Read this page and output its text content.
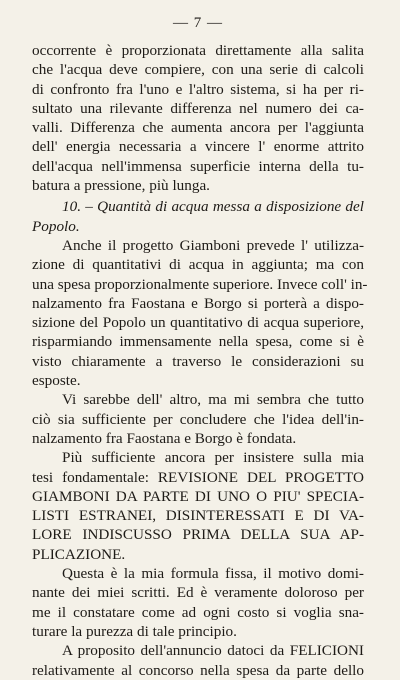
— 7 —

occorrente è proporzionata direttamente alla salita
che l'acqua deve compiere, con una serie di calcoli
di confronto fra l'uno e l'altro sistema, si ha per ri-
sultato una rilevante differenza nel numero dei ca-
valli. Differenza che aumenta ancora per l'aggiunta
dell' energia necessaria a vincere l' enorme attrito
dell'acqua nell'immensa superficie interna della tu-
batura a pressione, più lunga.

10. – Quantità di acqua messa a disposizione del
Popolo.

Anche il progetto Giamboni prevede l' utilizza-
zione di quantitativi di acqua in aggiunta; ma con
una spesa proporzionalmente superiore. Invece coll' in-
nalzamento fra Faostana e Borgo si porterà a dispo-
sizione del Popolo un quantitativo di acqua superiore,
risparmiando immensamente nella spesa, come si è
visto chiaramente a traverso le considerazioni su
esposte.

Vi sarebbe dell' altro, ma mi sembra che tutto
ciò sia sufficiente per concludere che l'idea dell'in-
nalzamento fra Faostana e Borgo è fondata.

Più sufficiente ancora per insistere sulla mia
tesi fondamentale: REVISIONE DEL PROGETTO
GIAMBONI DA PARTE DI UNO O PIU' SPECIA-
LISTI ESTRANEI, DISINTERESSATI E DI VA-
LORE INDISCUSSO PRIMA DELLA SUA AP-
PLICAZIONE.

Questa è la mia formula fissa, il motivo domi-
nante dei miei scritti. Ed è veramente doloroso per
me il constatare come ad ogni costo si voglia sna-
turare la purezza di tale principio.

A proposito dell'annuncio datoci da FELICIONI
relativamente al concorso nella spesa da parte dello
